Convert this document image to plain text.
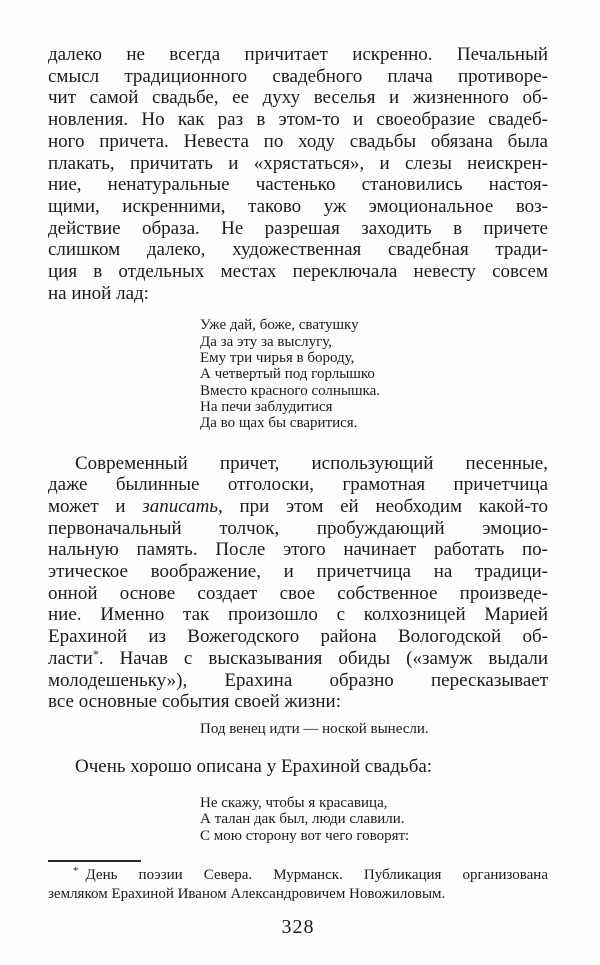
далеко не всегда причитает искренно. Печальный
смысл традиционного свадебного плача противоре-
чит самой свадьбе, ее духу веселья и жизненного об-
новления. Но как раз в этом-то и своеобразие свадеб-
ного причета. Невеста по ходу свадьбы обязана была
плакать, причитать и «хрястаться», и слезы неискрен-
ние, ненатуральные частенько становились настоя-
щими, искренними, таково уж эмоциональное воз-
действие образа. Не разрешая заходить в причете
слишком далеко, художественная свадебная тради-
ция в отдельных местах переключала невесту совсем
на иной лад:
Уже дай, боже, сватушку
Да за эту за выслугу,
Ему три чирья в бороду,
А четвертый под горлышко
Вместо красного солнышка.
На печи заблудитися
Да во щах бы сваритися.
Современный причет, использующий песенные,
даже былинные отголоски, грамотная причетчица
может и записать, при этом ей необходим какой-то
первоначальный толчок, пробуждающий эмоцио-
нальную память. После этого начинает работать по-
этическое воображение, и причетчица на традици-
онной основе создает свое собственное произведе-
ние. Именно так произошло с колхозницей Марией
Ерахиной из Вожегодского района Вологодской об-
ласти*. Начав с высказывания обиды («замуж выдали
молодешеньку»), Ерахина образно пересказывает
все основные события своей жизни:
Под венец идти — ноской вынесли.
Очень хорошо описана у Ерахиной свадьба:
Не скажу, чтобы я красавица,
А талан дак был, люди славили.
С мою сторону вот чего говорят:
* День поэзии Севера. Мурманск. Публикация организована
земляком Ерахиной Иваном Александровичем Новожиловым.
328
